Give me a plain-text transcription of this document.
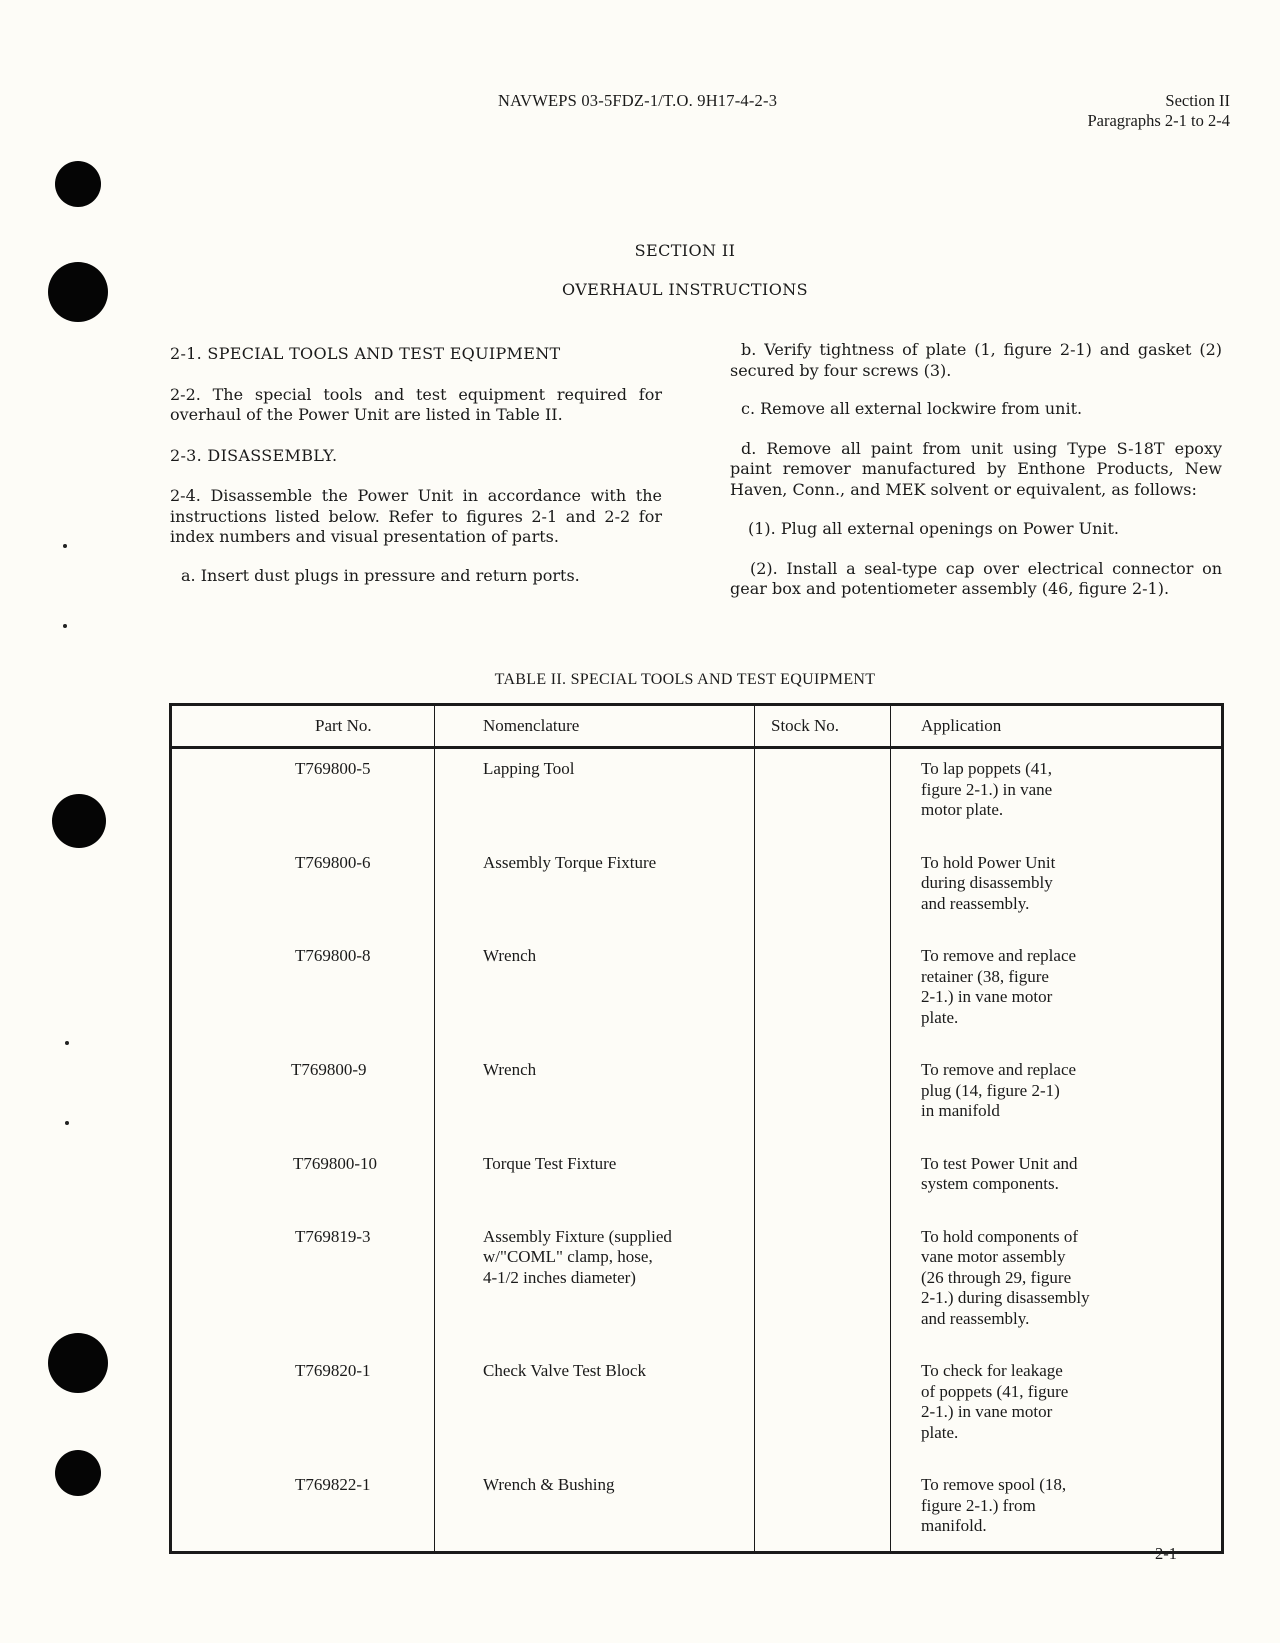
NAVWEPS 03-5FDZ-1/T.O. 9H17-4-2-3	Section II
Paragraphs 2-1 to 2-4
SECTION II
OVERHAUL INSTRUCTIONS

2-1. SPECIAL TOOLS AND TEST EQUIPMENT

2-2. The special tools and test equipment required for overhaul of the Power Unit are listed in Table II.

2-3. DISASSEMBLY.

2-4. Disassemble the Power Unit in accordance with the instructions listed below. Refer to figures 2-1 and 2-2 for index numbers and visual presentation of parts.

a. Insert dust plugs in pressure and return ports.

b. Verify tightness of plate (1, figure 2-1) and gasket (2) secured by four screws (3).

c. Remove all external lockwire from unit.

d. Remove all paint from unit using Type S-18T epoxy paint remover manufactured by Enthone Products, New Haven, Conn., and MEK solvent or equivalent, as follows:

(1). Plug all external openings on Power Unit.

(2). Install a seal-type cap over electrical connector on gear box and potentiometer assembly (46, figure 2-1).

TABLE II. SPECIAL TOOLS AND TEST EQUIPMENT
Part No.	Nomenclature	Stock No.	Application

T769800-5	Lapping Tool		To lap poppets (41,
figure 2-1.) in vane
motor plate.

T769800-6	Assembly Torque Fixture		To hold Power Unit
during disassembly
and reassembly.

T769800-8	Wrench		To remove and replace
retainer (38, figure
2-1.) in vane motor
plate.

T769800-9	Wrench		To remove and replace
plug (14, figure 2-1)
in manifold

T769800-10	Torque Test Fixture		To test Power Unit and
system components.

T769819-3	Assembly Fixture (supplied
w/"COML" clamp, hose,
4-1/2 inches diameter)		To hold components of
vane motor assembly
(26 through 29, figure
2-1.) during disassembly
and reassembly.

T769820-1	Check Valve Test Block		To check for leakage
of poppets (41, figure
2-1.) in vane motor
plate.

T769822-1	Wrench & Bushing		To remove spool (18,
figure 2-1.) from
manifold.
2-1
